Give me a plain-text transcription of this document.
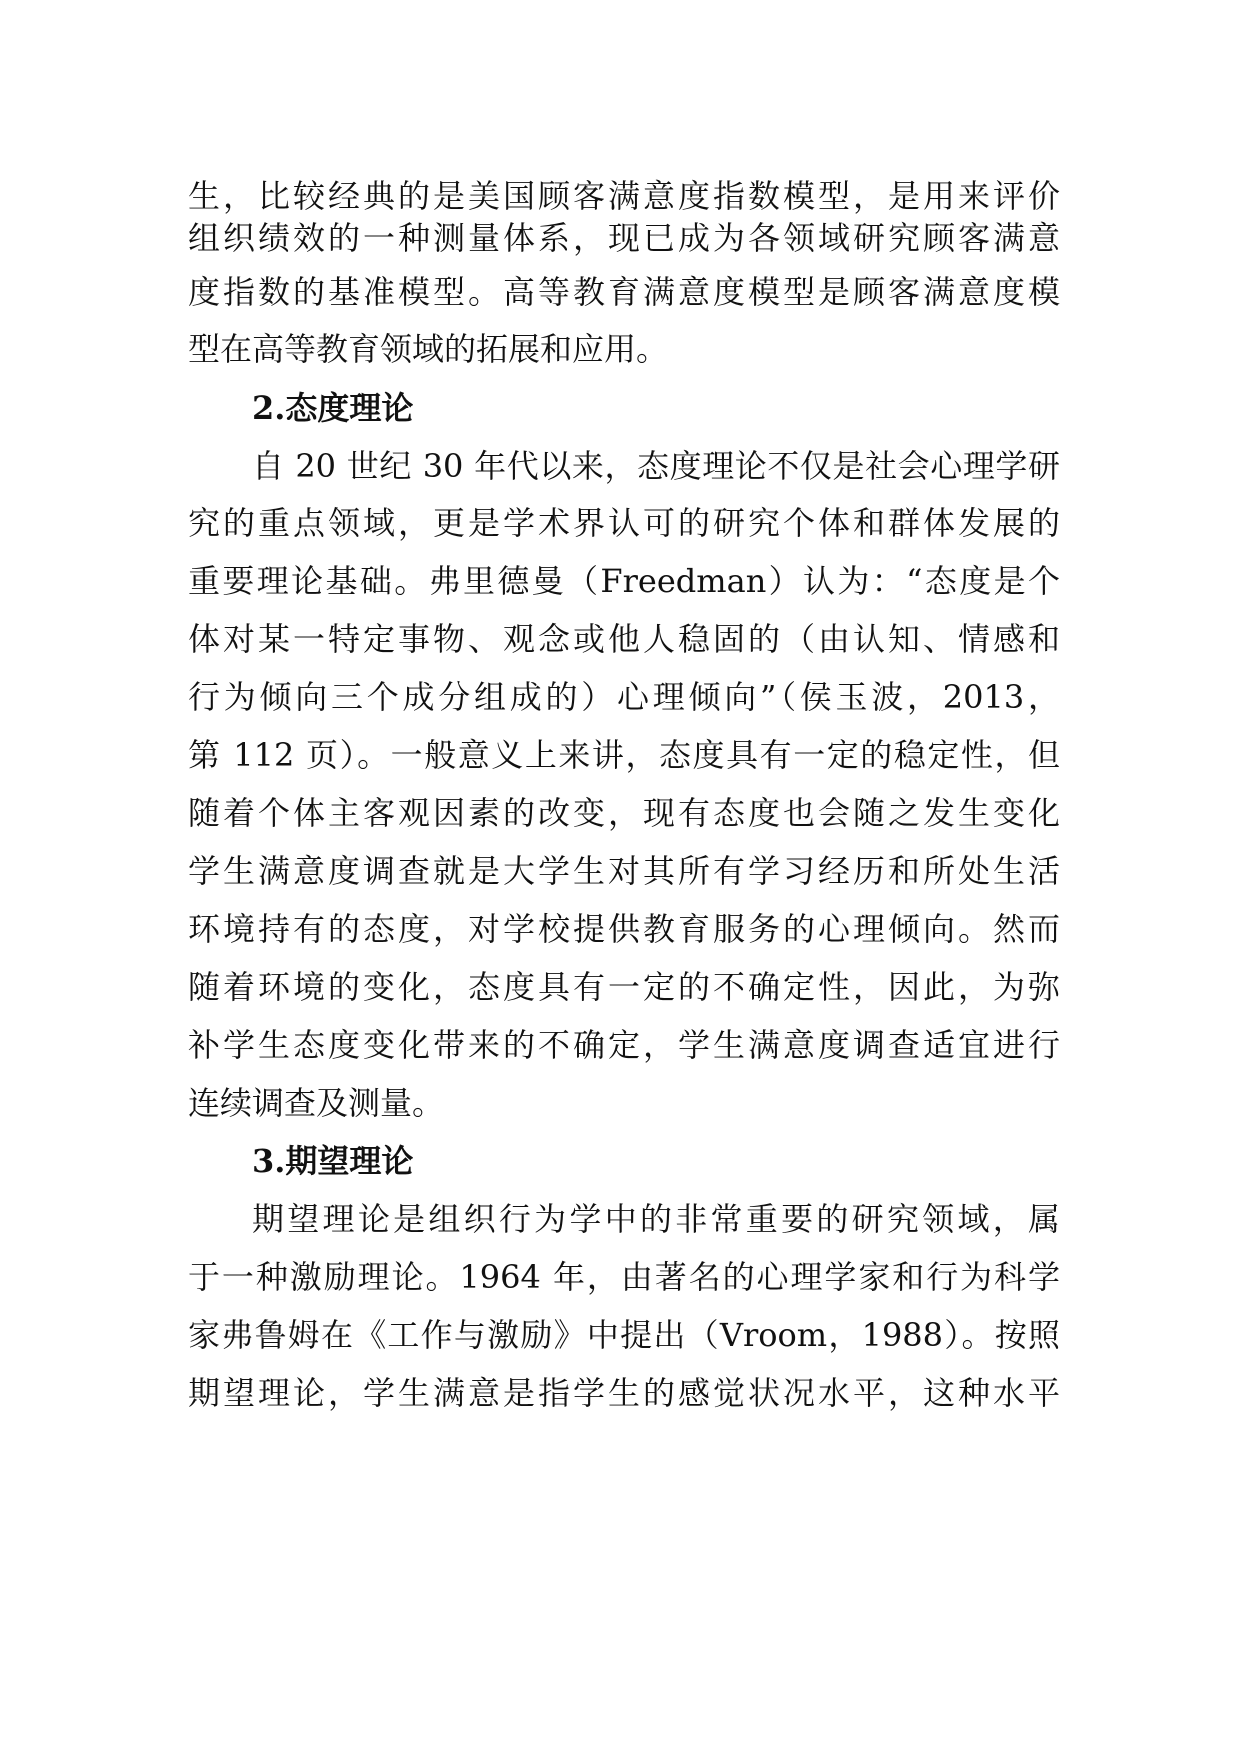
生，比较经典的是美国顾客满意度指数模型，是用来评价
组织绩效的一种测量体系，现已成为各领域研究顾客满意
度指数的基准模型。高等教育满意度模型是顾客满意度模
型在高等教育领域的拓展和应用。
2.态度理论
自 20 世纪 30 年代以来，态度理论不仅是社会心理学研
究的重点领域，更是学术界认可的研究个体和群体发展的
重要理论基础。弗里德曼（Freedman）认为：“态度是个
体对某一特定事物、观念或他人稳固的（由认知、情感和
行为倾向三个成分组成的）心理倾向”（侯玉波，2013，
第 112 页）。一般意义上来讲，态度具有一定的稳定性，但
随着个体主客观因素的改变，现有态度也会随之发生变化
学生满意度调查就是大学生对其所有学习经历和所处生活
环境持有的态度，对学校提供教育服务的心理倾向。然而
随着环境的变化，态度具有一定的不确定性，因此，为弥
补学生态度变化带来的不确定，学生满意度调查适宜进行
连续调查及测量。
3.期望理论
期望理论是组织行为学中的非常重要的研究领域，属
于一种激励理论。1964 年，由著名的心理学家和行为科学
家弗鲁姆在《工作与激励》中提出（Vroom，1988）。按照
期望理论，学生满意是指学生的感觉状况水平，这种水平
